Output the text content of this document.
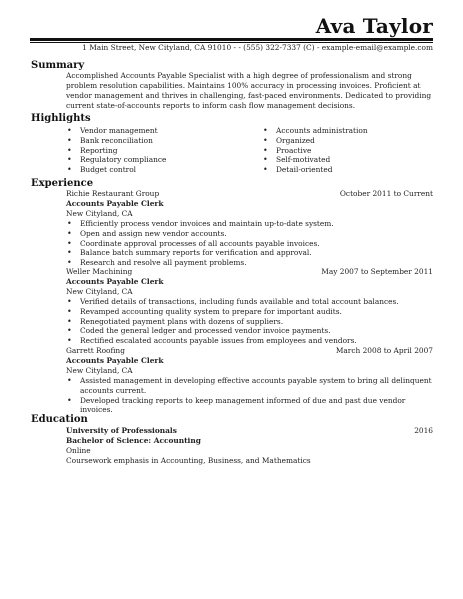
Ava Taylor
1 Main Street, New Cityland, CA 91010 - - (555) 322-7337 (C) - example-email@example.com
Summary
Accomplished Accounts Payable Specialist with a high degree of professionalism and strong problem resolution capabilities. Maintains 100% accuracy in processing invoices. Proficient at vendor management and thrives in challenging, fast-paced environments. Dedicated to providing current state-of-accounts reports to inform cash flow management decisions.
Highlights
• Vendor management
• Bank reconciliation
• Reporting
• Regulatory compliance
• Budget control
• Accounts administration
• Organized
• Proactive
• Self-motivated
• Detail-oriented
Experience
Richie Restaurant Group	October 2011 to Current
Accounts Payable Clerk
New Cityland, CA
• Efficiently process vendor invoices and maintain up-to-date system.
• Open and assign new vendor accounts.
• Coordinate approval processes of all accounts payable invoices.
• Balance batch summary reports for verification and approval.
• Research and resolve all payment problems.
Weller Machining	May 2007 to September 2011
Accounts Payable Clerk
New Cityland, CA
• Verified details of transactions, including funds available and total account balances.
• Revamped accounting quality system to prepare for important audits.
• Renegotiated payment plans with dozens of suppliers.
• Coded the general ledger and processed vendor invoice payments.
• Rectified escalated accounts payable issues from employees and vendors.
Garrett Roofing	March 2008 to April 2007
Accounts Payable Clerk
New Cityland, CA
• Assisted management in developing effective accounts payable system to bring all delinquent accounts current.
• Developed tracking reports to keep management informed of due and past due vendor invoices.
Education
University of Professionals	2016
Bachelor of Science: Accounting
Online
Coursework emphasis in Accounting, Business, and Mathematics
